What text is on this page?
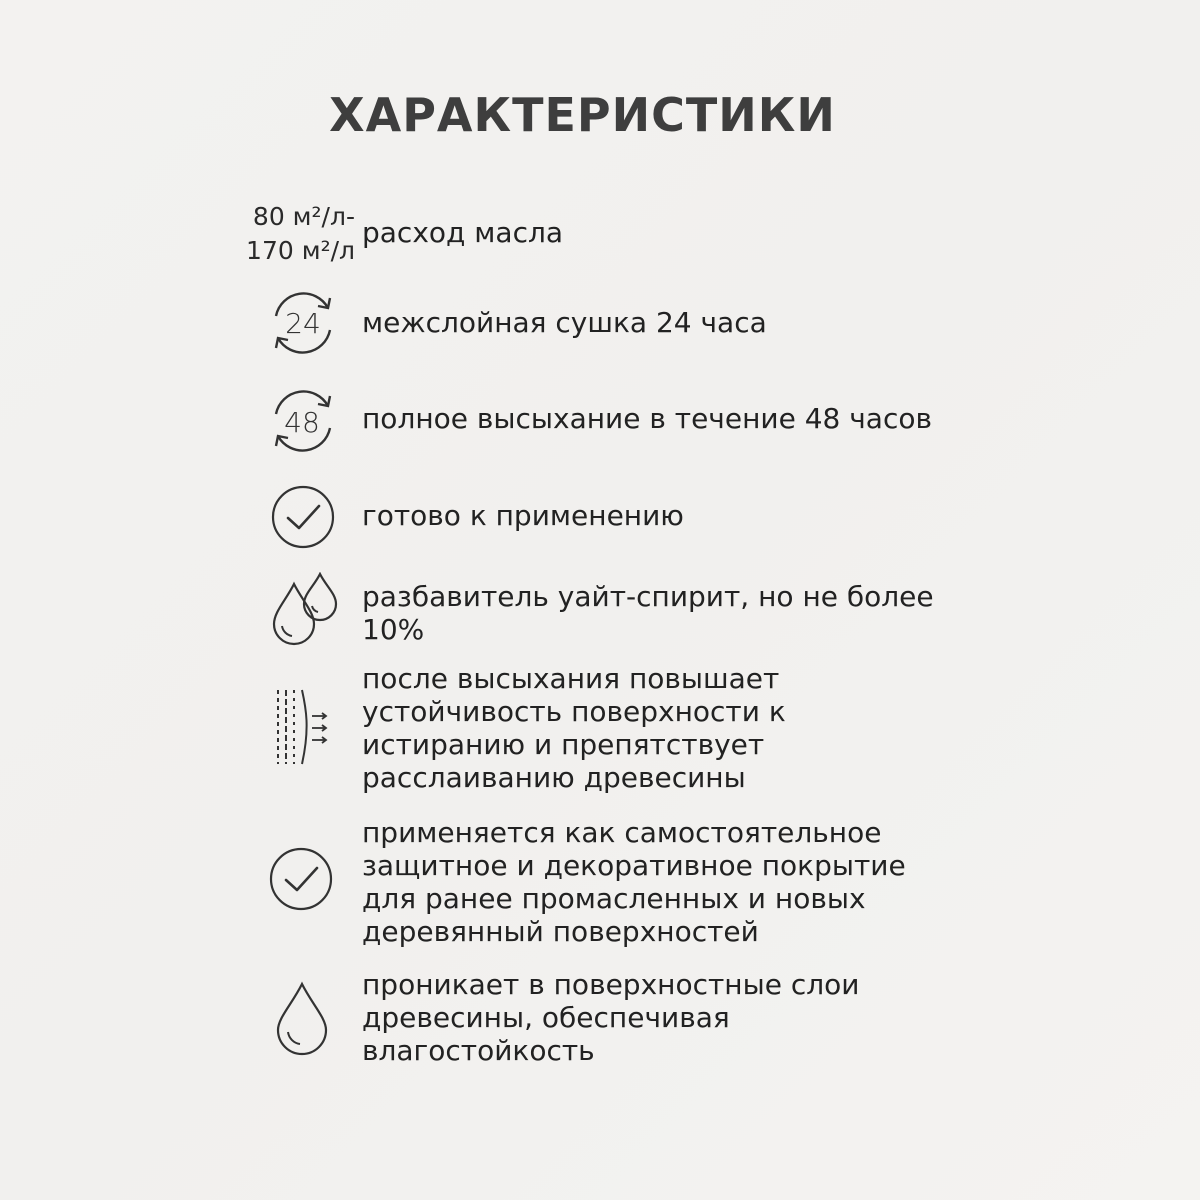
ХАРАКТЕРИСТИКИ
80 м²/л-
170 м²/л
расход масла
24 межслойная сушка 24 часа
48 полное высыхание в течение 48 часов
готово к применению
разбавитель уайт-спирит, но не более 10%
после высыхания повышает устойчивость поверхности к истиранию и препятствует расслаиванию древесины
применяется как самостоятельное защитное и декоративное покрытие для ранее промасленных и новых деревянный поверхностей
проникает в поверхностные слои древесины, обеспечивая влагостойкость
